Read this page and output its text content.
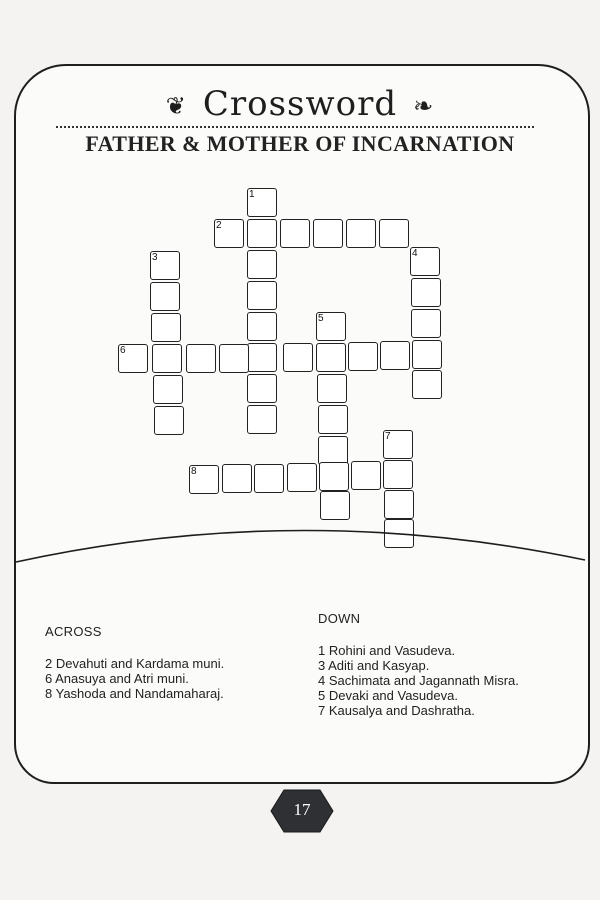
❦ Crossword ❧
FATHER & MOTHER OF INCARNATION
1
2
3	4
5
6
7
8
ACROSS
2 Devahuti and Kardama muni.
6 Anasuya and Atri muni.
8 Yashoda and Nandamaharaj.
DOWN
1 Rohini and Vasudeva.
3 Aditi and Kasyap.
4 Sachimata and Jagannath Misra.
5 Devaki and Vasudeva.
7 Kausalya and Dashratha.
17
